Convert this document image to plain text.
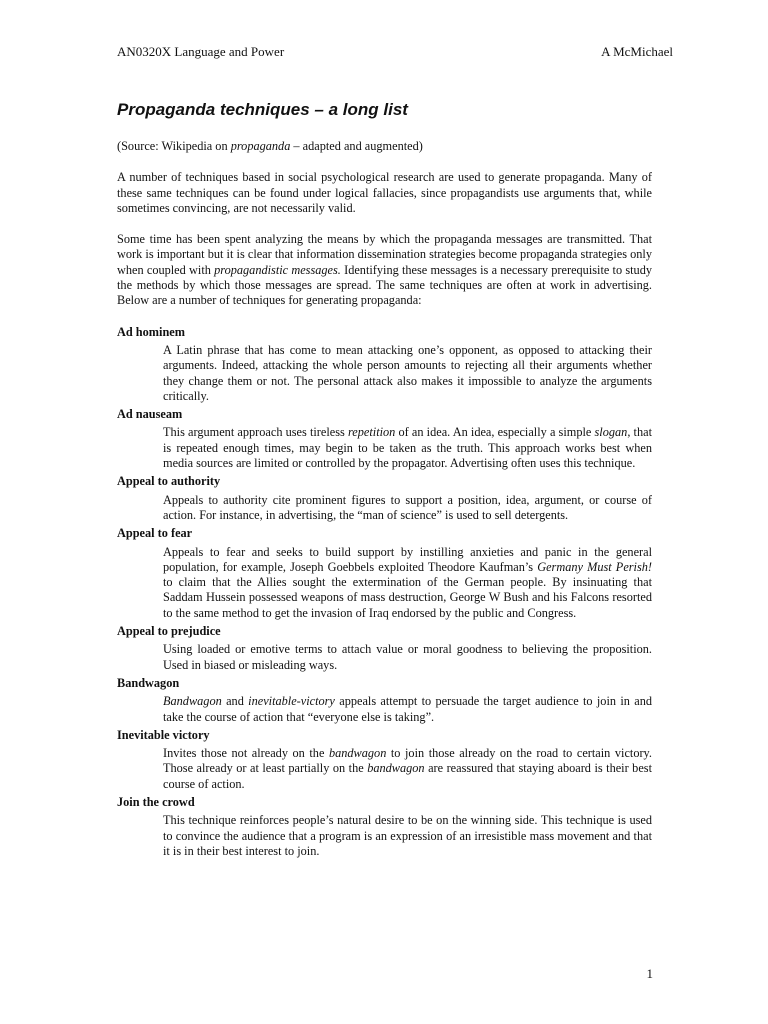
AN0320X Language and Power	A McMichael
Propaganda techniques – a long list

(Source: Wikipedia on propaganda – adapted and augmented)

A number of techniques based in social psychological research are used to generate propaganda. Many of these same techniques can be found under logical fallacies, since propagandists use arguments that, while sometimes convincing, are not necessarily valid.

Some time has been spent analyzing the means by which the propaganda messages are transmitted. That work is important but it is clear that information dissemination strategies become propaganda strategies only when coupled with propagandistic messages. Identifying these messages is a necessary prerequisite to study the methods by which those messages are spread. The same techniques are often at work in advertising. Below are a number of techniques for generating propaganda:

Ad hominem

A Latin phrase that has come to mean attacking one’s opponent, as opposed to attacking their arguments. Indeed, attacking the whole person amounts to rejecting all their arguments whether they change them or not. The personal attack also makes it impossible to analyze the arguments critically.

Ad nauseam

This argument approach uses tireless repetition of an idea. An idea, especially a simple slogan, that is repeated enough times, may begin to be taken as the truth. This approach works best when media sources are limited or controlled by the propagator. Advertising often uses this technique.

Appeal to authority

Appeals to authority cite prominent figures to support a position, idea, argument, or course of action. For instance, in advertising, the “man of science” is used to sell detergents.

Appeal to fear

Appeals to fear and seeks to build support by instilling anxieties and panic in the general population, for example, Joseph Goebbels exploited Theodore Kaufman’s Germany Must Perish! to claim that the Allies sought the extermination of the German people. By insinuating that Saddam Hussein possessed weapons of mass destruction, George W Bush and his Falcons resorted to the same method to get the invasion of Iraq endorsed by the public and Congress.

Appeal to prejudice

Using loaded or emotive terms to attach value or moral goodness to believing the proposition. Used in biased or misleading ways.

Bandwagon

Bandwagon and inevitable-victory appeals attempt to persuade the target audience to join in and take the course of action that “everyone else is taking”.

Inevitable victory

Invites those not already on the bandwagon to join those already on the road to certain victory. Those already or at least partially on the bandwagon are reassured that staying aboard is their best course of action.

Join the crowd

This technique reinforces people’s natural desire to be on the winning side. This technique is used to convince the audience that a program is an expression of an irresistible mass movement and that it is in their best interest to join.

1
